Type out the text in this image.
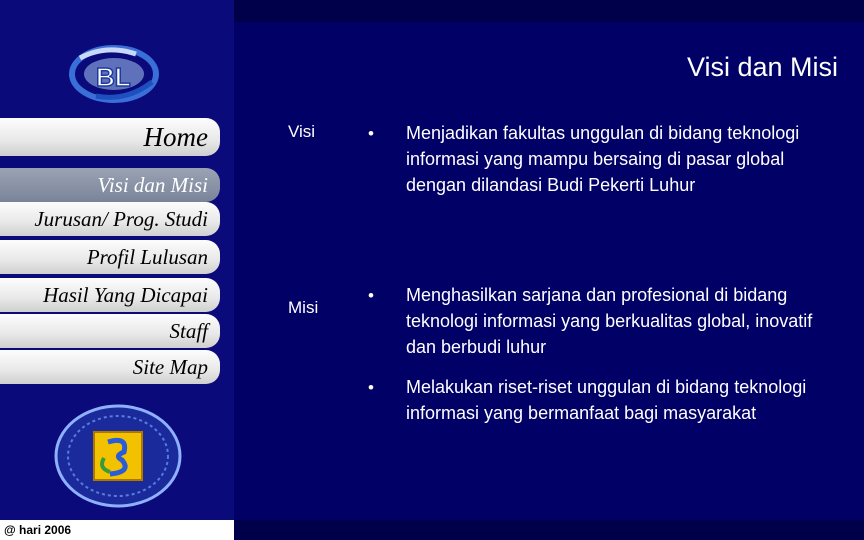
BL
Home
Visi dan Misi
Jurusan/ Prog. Studi
Profil Lulusan
Hasil Yang Dicapai
Staff
Site Map
Visi dan Misi
Visi	• Menjadikan fakultas unggulan di bidang teknologi informasi yang mampu bersaing di pasar global dengan dilandasi Budi Pekerti Luhur
Misi
• Menghasilkan sarjana dan profesional di bidang teknologi informasi yang berkualitas global, inovatif dan berbudi luhur
• Melakukan riset-riset unggulan di bidang teknologi informasi yang bermanfaat bagi masyarakat
@ hari 2006
